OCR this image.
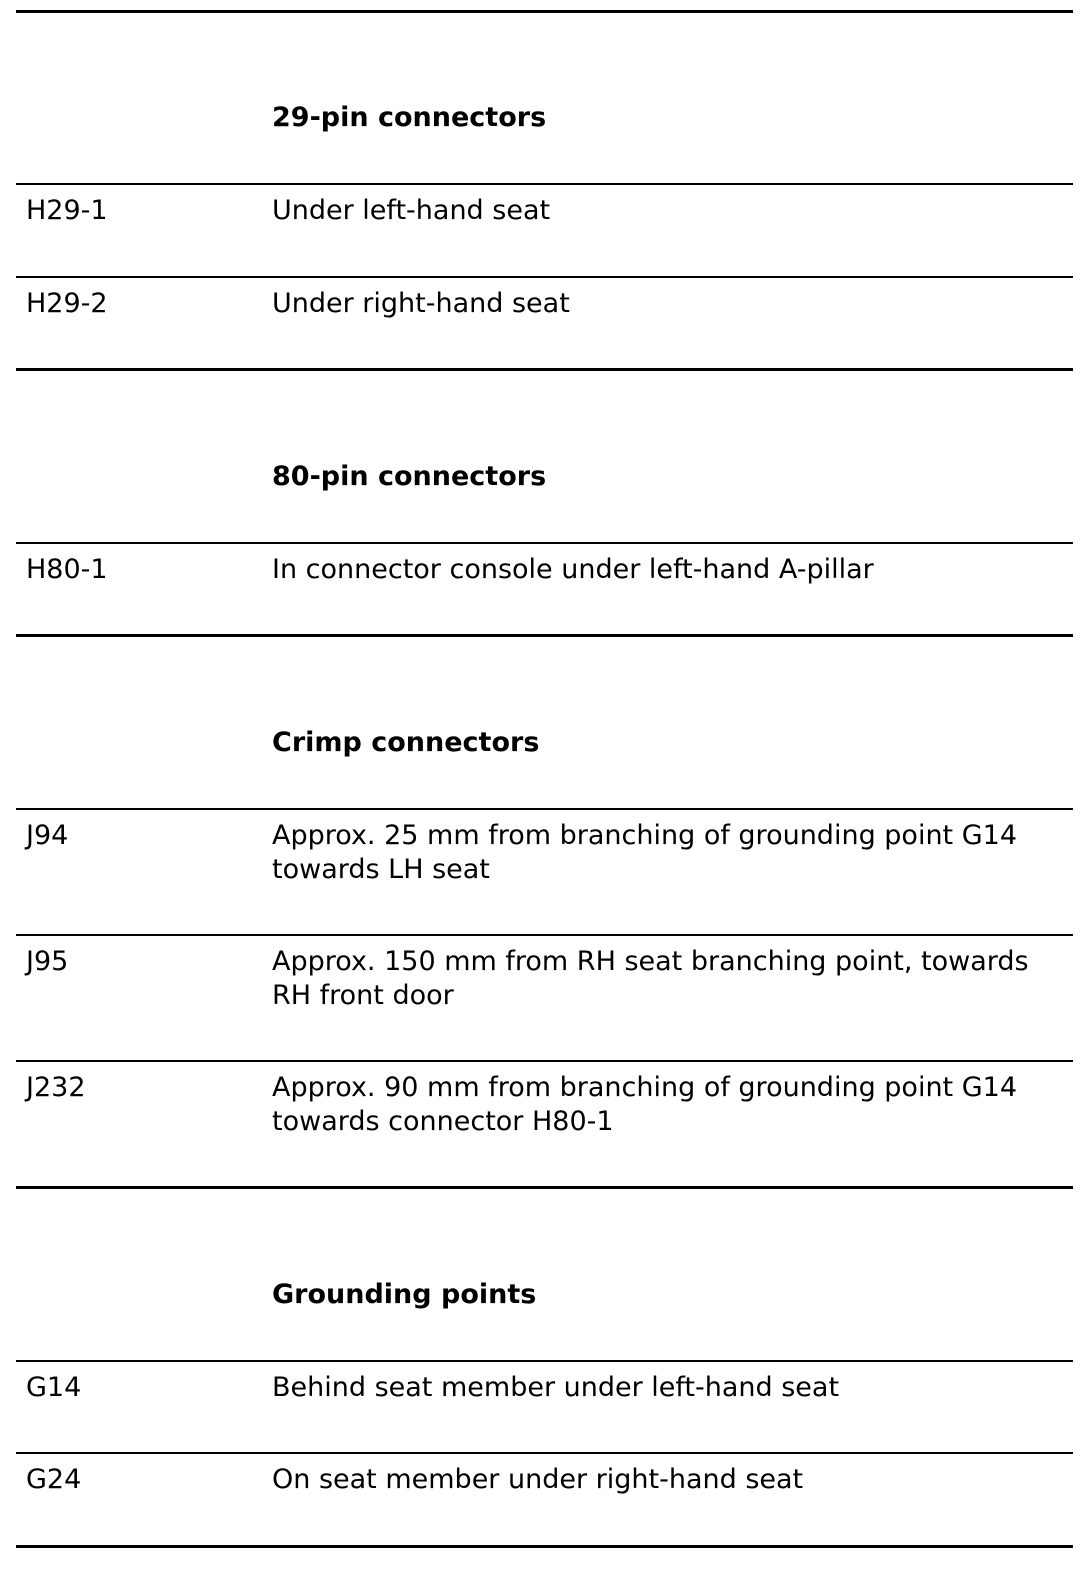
29-pin connectors
H29-1	Under left-hand seat
H29-2	Under right-hand seat
80-pin connectors
H80-1	In connector console under left-hand A-pillar
Crimp connectors
J94	Approx. 25 mm from branching of grounding point G14
towards LH seat
J95	Approx. 150 mm from RH seat branching point, towards
RH front door
J232	Approx. 90 mm from branching of grounding point G14
towards connector H80-1
Grounding points
G14	Behind seat member under left-hand seat
G24	On seat member under right-hand seat
